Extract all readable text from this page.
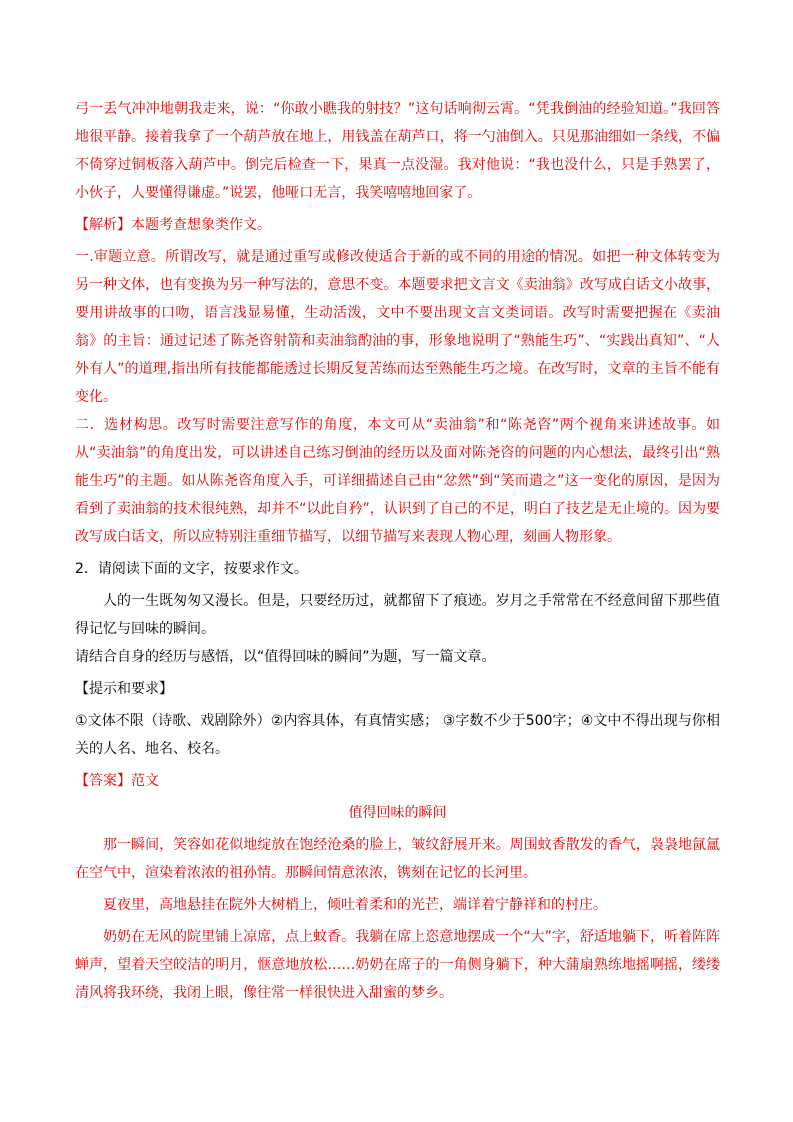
弓一丢气冲冲地朝我走来，说：“你敢小瞧我的射技？”这句话响彻云霄。“凭我倒油的经验知道。”我回答地很平静。接着我拿了一个葫芦放在地上，用钱盖在葫芦口，将一勺油倒入。只见那油细如一条线，不偏不倚穿过铜板落入葫芦中。倒完后检查一下，果真一点没湿。我对他说：“我也没什么，只是手熟罢了，小伙子，人要懂得谦虚。”说罢，他哑口无言，我笑嘻嘻地回家了。

【解析】本题考查想象类作文。

一.审题立意。所谓改写，就是通过重写或修改使适合于新的或不同的用途的情况。如把一种文体转变为另一种文体，也有变换为另一种写法的，意思不变。本题要求把文言文《卖油翁》改写成白话文小故事，要用讲故事的口吻，语言浅显易懂，生动活泼，文中不要出现文言文类词语。改写时需要把握在《卖油翁》的主旨：通过记述了陈尧咨射箭和卖油翁酌油的事，形象地说明了“熟能生巧”、“实践出真知”、“人外有人”的道理,指出所有技能都能透过长期反复苦练而达至熟能生巧之境。在改写时，文章的主旨不能有变化。

二．选材构思。改写时需要注意写作的角度，本文可从“卖油翁”和“陈尧咨”两个视角来讲述故事。如从“卖油翁”的角度出发，可以讲述自己练习倒油的经历以及面对陈尧咨的问题的内心想法，最终引出“熟能生巧”的主题。如从陈尧咨角度入手，可详细描述自己由“忿然”到“笑而遣之”这一变化的原因，是因为看到了卖油翁的技术很纯熟，却并不“以此自矜”，认识到了自己的不足，明白了技艺是无止境的。因为要改写成白话文，所以应特别注重细节描写，以细节描写来表现人物心理，刻画人物形象。

2．请阅读下面的文字，按要求作文。

人的一生既匆匆又漫长。但是，只要经历过，就都留下了痕迹。岁月之手常常在不经意间留下那些值得记忆与回味的瞬间。

请结合自身的经历与感悟，以“值得回味的瞬间”为题，写一篇文章。

【提示和要求】

①文体不限（诗歌、戏剧除外）②内容具体，有真情实感； ③字数不少于500字；④文中不得出现与你相关的人名、地名、校名。

【答案】范文

值得回味的瞬间

那一瞬间，笑容如花似地绽放在饱经沧桑的脸上，皱纹舒展开来。周围蚊香散发的香气，袅袅地氤氲在空气中，渲染着浓浓的祖孙情。那瞬间情意浓浓，镌刻在记忆的长河里。

夏夜里，高地悬挂在院外大树梢上，倾吐着柔和的光芒，端详着宁静祥和的村庄。

奶奶在无风的院里铺上凉席，点上蚊香。我躺在席上恣意地摆成一个“大”字，舒适地躺下，听着阵阵蝉声，望着天空皎洁的明月，惬意地放松……奶奶在席子的一角侧身躺下，种大蒲扇熟练地摇啊摇，缕缕清风将我环绕，我闭上眼，像往常一样很快进入甜蜜的梦乡。
